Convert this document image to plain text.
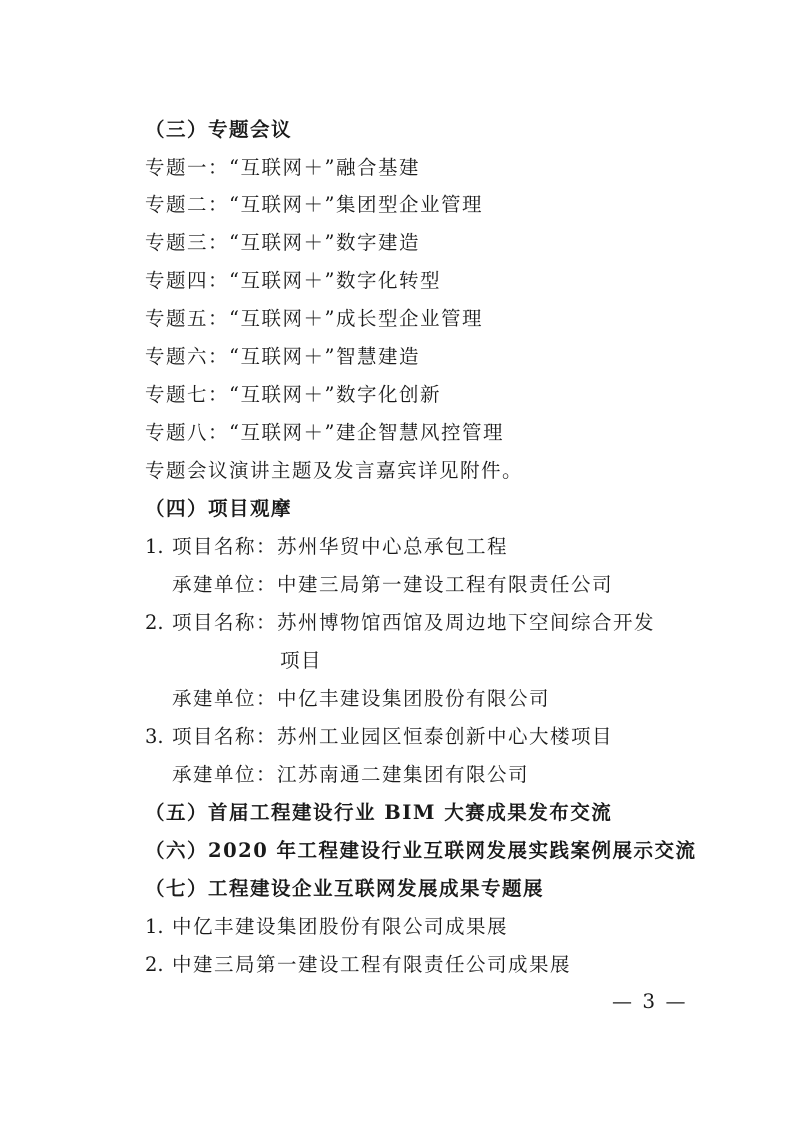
（三）专题会议
专题一：“互联网＋”融合基建
专题二：“互联网＋”集团型企业管理
专题三：“互联网＋”数字建造
专题四：“互联网＋”数字化转型
专题五：“互联网＋”成长型企业管理
专题六：“互联网＋”智慧建造
专题七：“互联网＋”数字化创新
专题八：“互联网＋”建企智慧风控管理
专题会议演讲主题及发言嘉宾详见附件。
（四）项目观摩
1. 项目名称：苏州华贸中心总承包工程
承建单位：中建三局第一建设工程有限责任公司
2. 项目名称：苏州博物馆西馆及周边地下空间综合开发
项目
承建单位：中亿丰建设集团股份有限公司
3. 项目名称：苏州工业园区恒泰创新中心大楼项目
承建单位：江苏南通二建集团有限公司
（五）首届工程建设行业 BIM 大赛成果发布交流
（六）2020 年工程建设行业互联网发展实践案例展示交流
（七）工程建设企业互联网发展成果专题展
1. 中亿丰建设集团股份有限公司成果展
2. 中建三局第一建设工程有限责任公司成果展
— 3 —
